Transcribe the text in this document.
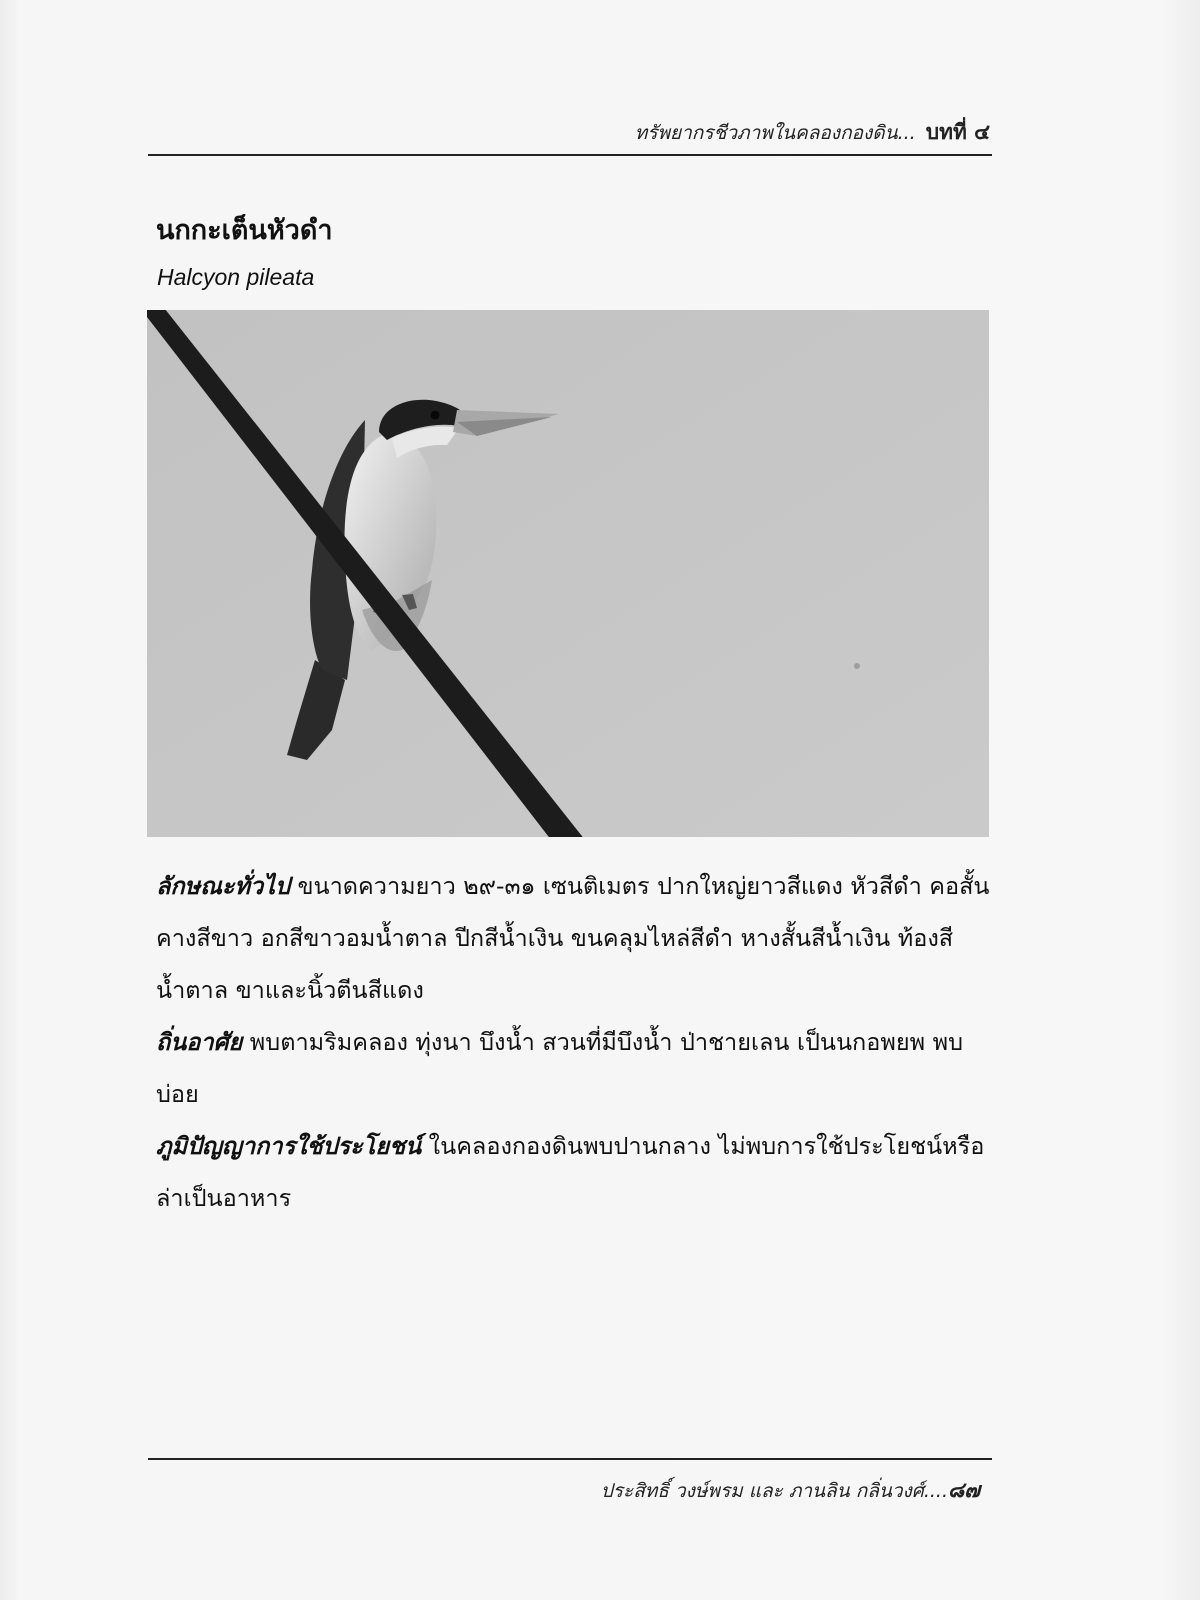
ทรัพยากรชีวภาพในคลองกองดิน... บทที่ ๔
นกกะเต็นหัวดำ
Halcyon pileata

ลักษณะทั่วไป ขนาดความยาว ๒๙-๓๑ เซนติเมตร ปากใหญ่ยาวสีแดง หัวสีดำ คอสั้น คางสีขาว อกสีขาวอมน้ำตาล ปีกสีน้ำเงิน ขนคลุมไหล่สีดำ หางสั้นสีน้ำเงิน ท้องสีน้ำตาล ขาและนิ้วตีนสีแดง

ถิ่นอาศัย พบตามริมคลอง ทุ่งนา บึงน้ำ สวนที่มีบึงน้ำ ป่าชายเลน เป็นนกอพยพ พบบ่อย

ภูมิปัญญาการใช้ประโยชน์ ในคลองกองดินพบปานกลาง ไม่พบการใช้ประโยชน์หรือล่าเป็นอาหาร

ประสิทธิ์ วงษ์พรม และ ภานลิน กลิ่นวงศ์....๘๗
